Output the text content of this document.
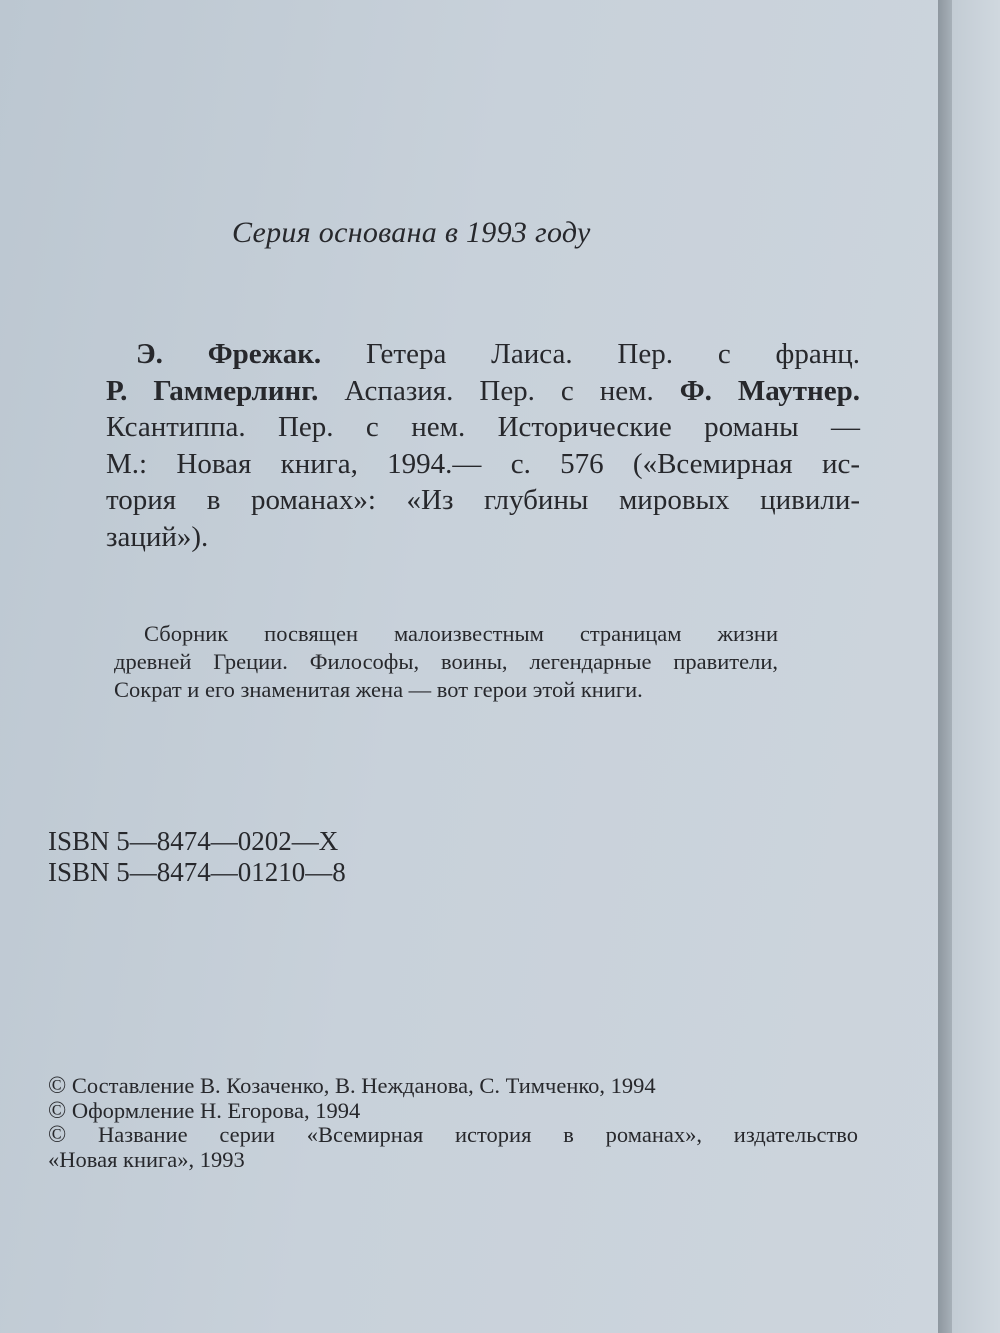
Серия основана в 1993 году
Э. Фрежак. Гетера Лаиса. Пер. с франц.
Р. Гаммерлинг. Аспазия. Пер. с нем. Ф. Маутнер.
Ксантиппа. Пер. с нем. Исторические романы —
М.: Новая книга, 1994.— с. 576 («Всемирная ис-
тория в романах»: «Из глубины мировых цивили-
заций»).
Сборник посвящен малоизвестным страницам жизни
древней Греции. Философы, воины, легендарные правители,
Сократ и его знаменитая жена — вот герои этой книги.
ISBN 5—8474—0202—X
ISBN 5—8474—01210—8
© Составление В. Козаченко, В. Нежданова, С. Тимченко, 1994
© Оформление Н. Егорова, 1994
© Название серии «Всемирная история в романах», издательство
«Новая книга», 1993
